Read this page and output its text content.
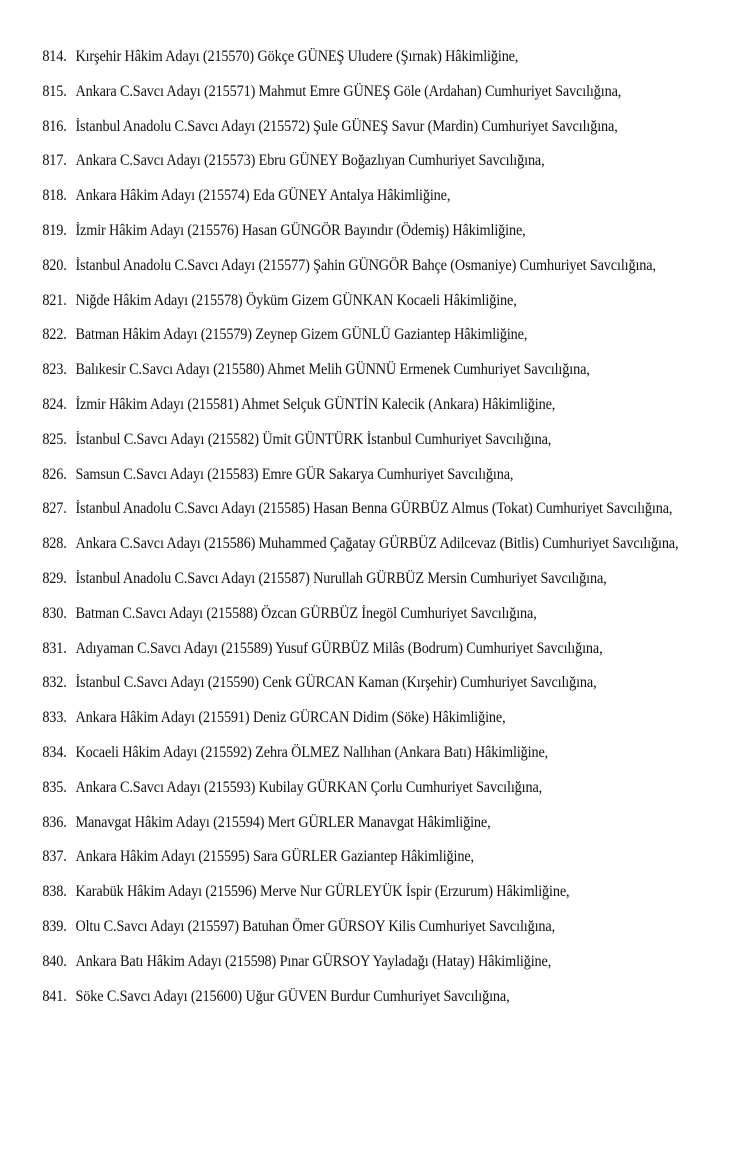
814. Kırşehir Hâkim Adayı (215570) Gökçe GÜNEŞ Uludere (Şırnak) Hâkimliğine,
815. Ankara C.Savcı Adayı (215571) Mahmut Emre GÜNEŞ Göle (Ardahan) Cumhuriyet Savcılığına,
816. İstanbul Anadolu C.Savcı Adayı (215572) Şule GÜNEŞ Savur (Mardin) Cumhuriyet Savcılığına,
817. Ankara C.Savcı Adayı (215573) Ebru GÜNEY Boğazlıyan Cumhuriyet Savcılığına,
818. Ankara Hâkim Adayı (215574) Eda GÜNEY Antalya Hâkimliğine,
819. İzmir Hâkim Adayı (215576) Hasan GÜNGÖR Bayındır (Ödemiş) Hâkimliğine,
820. İstanbul Anadolu C.Savcı Adayı (215577) Şahin GÜNGÖR Bahçe (Osmaniye) Cumhuriyet Savcılığına,
821. Niğde Hâkim Adayı (215578) Öyküm Gizem GÜNKAN Kocaeli Hâkimliğine,
822. Batman Hâkim Adayı (215579) Zeynep Gizem GÜNLÜ Gaziantep Hâkimliğine,
823. Balıkesir C.Savcı Adayı (215580) Ahmet Melih GÜNNÜ Ermenek Cumhuriyet Savcılığına,
824. İzmir Hâkim Adayı (215581) Ahmet Selçuk GÜNTİN Kalecik (Ankara) Hâkimliğine,
825. İstanbul C.Savcı Adayı (215582) Ümit GÜNTÜRK İstanbul Cumhuriyet Savcılığına,
826. Samsun C.Savcı Adayı (215583) Emre GÜR Sakarya Cumhuriyet Savcılığına,
827. İstanbul Anadolu C.Savcı Adayı (215585) Hasan Benna GÜRBÜZ Almus (Tokat) Cumhuriyet Savcılığına,
828. Ankara C.Savcı Adayı (215586) Muhammed Çağatay GÜRBÜZ Adilcevaz (Bitlis) Cumhuriyet Savcılığına,
829. İstanbul Anadolu C.Savcı Adayı (215587) Nurullah GÜRBÜZ Mersin Cumhuriyet Savcılığına,
830. Batman C.Savcı Adayı (215588) Özcan GÜRBÜZ İnegöl Cumhuriyet Savcılığına,
831. Adıyaman C.Savcı Adayı (215589) Yusuf GÜRBÜZ Milâs (Bodrum) Cumhuriyet Savcılığına,
832. İstanbul C.Savcı Adayı (215590) Cenk GÜRCAN Kaman (Kırşehir) Cumhuriyet Savcılığına,
833. Ankara Hâkim Adayı (215591) Deniz GÜRCAN Didim (Söke) Hâkimliğine,
834. Kocaeli Hâkim Adayı (215592) Zehra ÖLMEZ Nallıhan (Ankara Batı) Hâkimliğine,
835. Ankara C.Savcı Adayı (215593) Kubilay GÜRKAN Çorlu Cumhuriyet Savcılığına,
836. Manavgat Hâkim Adayı (215594) Mert GÜRLER Manavgat Hâkimliğine,
837. Ankara Hâkim Adayı (215595) Sara GÜRLER Gaziantep Hâkimliğine,
838. Karabük Hâkim Adayı (215596) Merve Nur GÜRLEYÜK İspir (Erzurum) Hâkimliğine,
839. Oltu C.Savcı Adayı (215597) Batuhan Ömer GÜRSOY Kilis Cumhuriyet Savcılığına,
840. Ankara Batı Hâkim Adayı (215598) Pınar GÜRSOY Yayladağı (Hatay) Hâkimliğine,
841. Söke C.Savcı Adayı (215600) Uğur GÜVEN Burdur Cumhuriyet Savcılığına,
